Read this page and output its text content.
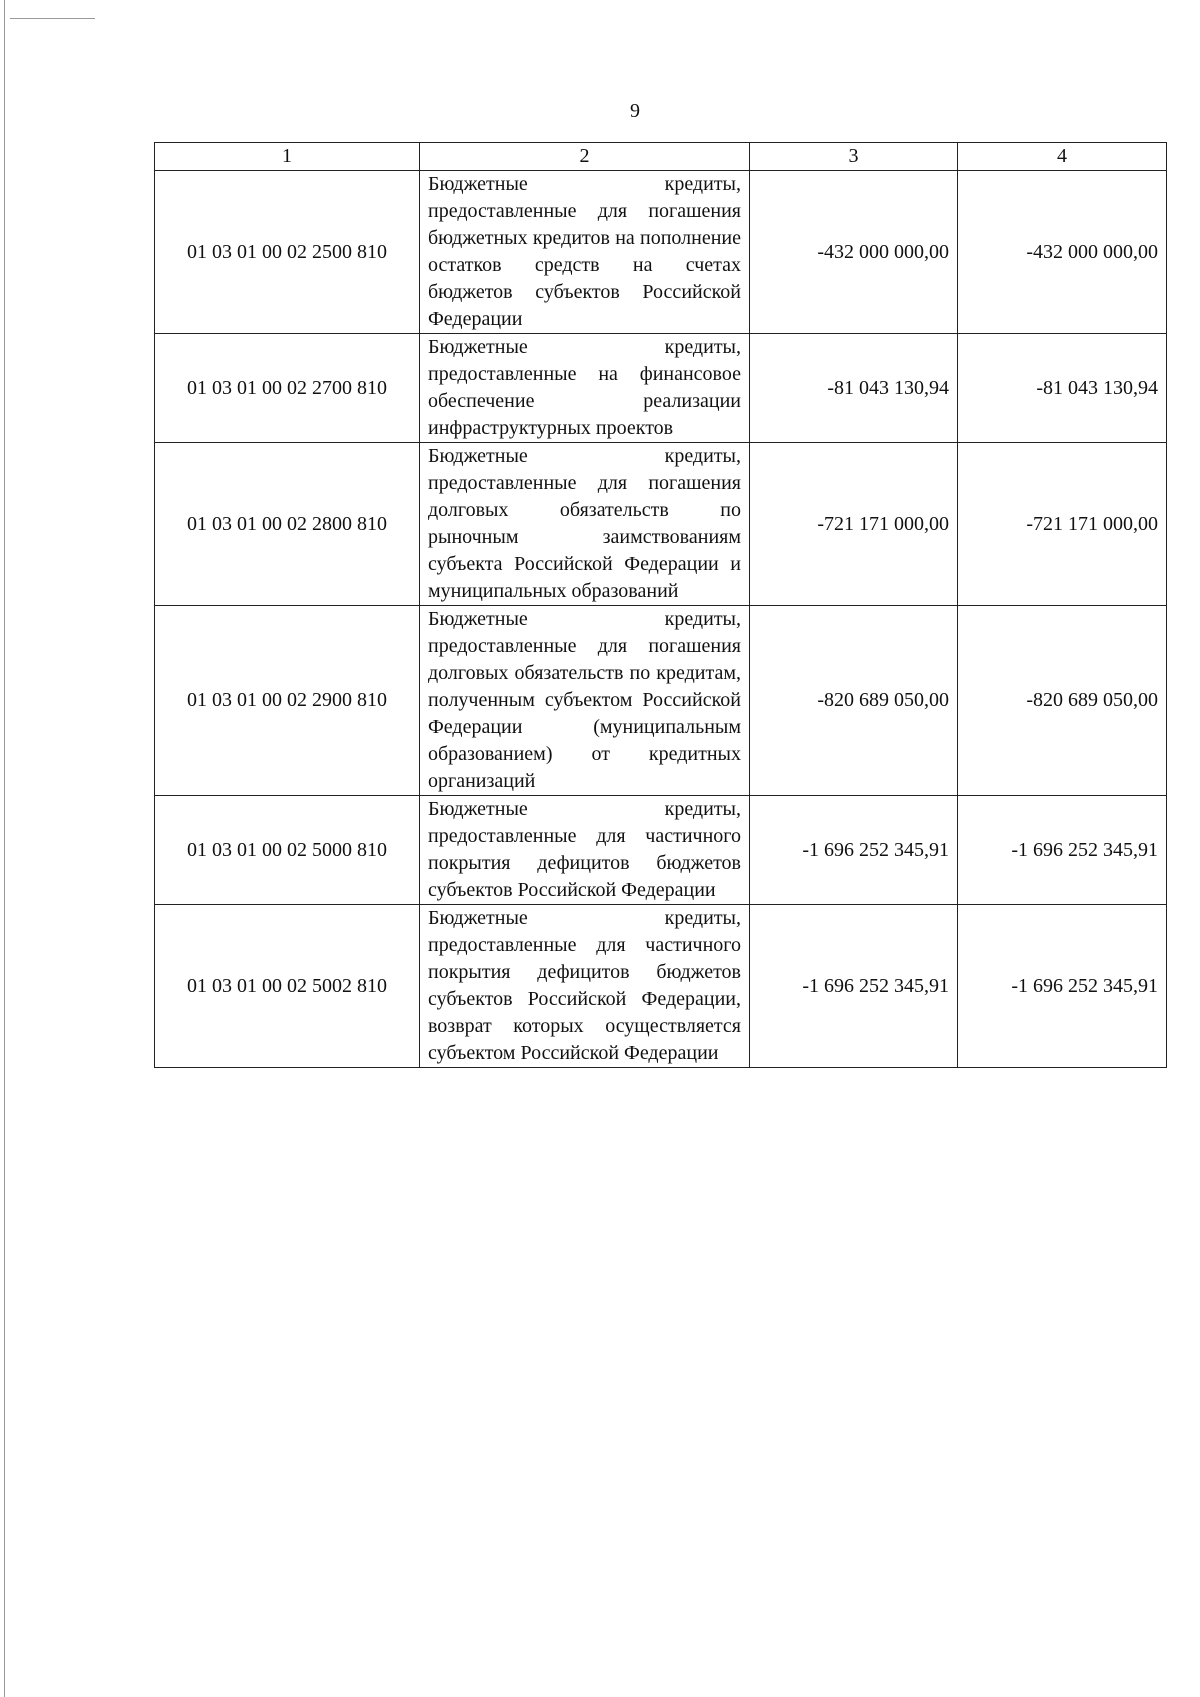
9
1	2	3	4
01 03 01 00 02 2500 810	Бюджетные кредиты, предоставленные для погашения бюджетных кредитов на пополнение остатков средств на счетах бюджетов субъектов Российской Федерации	-432 000 000,00	-432 000 000,00
01 03 01 00 02 2700 810	Бюджетные кредиты, предоставленные на финансовое обеспечение реализации инфраструктурных проектов	-81 043 130,94	-81 043 130,94
01 03 01 00 02 2800 810	Бюджетные кредиты, предоставленные для погашения долговых обязательств по рыночным заимствованиям субъекта Российской Федерации и муниципальных образований	-721 171 000,00	-721 171 000,00
01 03 01 00 02 2900 810	Бюджетные кредиты, предоставленные для погашения долговых обязательств по кредитам, полученным субъектом Российской Федерации (муниципальным образованием) от кредитных организаций	-820 689 050,00	-820 689 050,00
01 03 01 00 02 5000 810	Бюджетные кредиты, предоставленные для частичного покрытия дефицитов бюджетов субъектов Российской Федерации	-1 696 252 345,91	-1 696 252 345,91
01 03 01 00 02 5002 810	Бюджетные кредиты, предоставленные для частичного покрытия дефицитов бюджетов субъектов Российской Федерации, возврат которых осуществляется субъектом Российской Федерации	-1 696 252 345,91	-1 696 252 345,91
